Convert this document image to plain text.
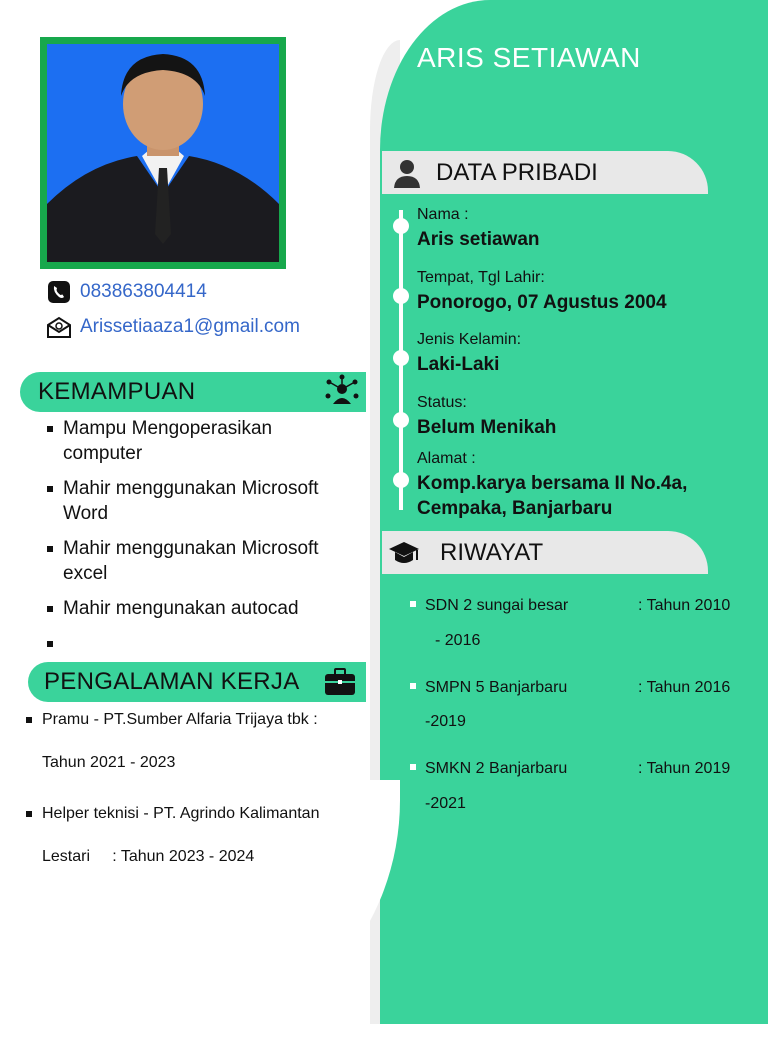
083863804414
Arissetiaaza1@gmail.com
KEMAMPUAN
Mampu Mengoperasikan computer
Mahir menggunakan Microsoft Word
Mahir menggunakan Microsoft excel
Mahir mengunakan autocad
PENGALAMAN KERJA
Pramu - PT.Sumber Alfaria Trijaya tbk :
Tahun 2021 - 2023
Helper teknisi - PT. Agrindo Kalimantan
Lestari     : Tahun 2023 - 2024
ARIS SETIAWAN
DATA PRIBADI
Nama :
Aris setiawan
Tempat, Tgl Lahir:
Ponorogo, 07 Agustus 2004
Jenis Kelamin:
Laki-Laki
Status:
Belum Menikah
Alamat :
Komp.karya bersama II No.4a, Cempaka, Banjarbaru
RIWAYAT
SDN 2 sungai besar	: Tahun 2010
- 2016
SMPN 5 Banjarbaru	: Tahun 2016
-2019
SMKN 2 Banjarbaru	: Tahun 2019
-2021
